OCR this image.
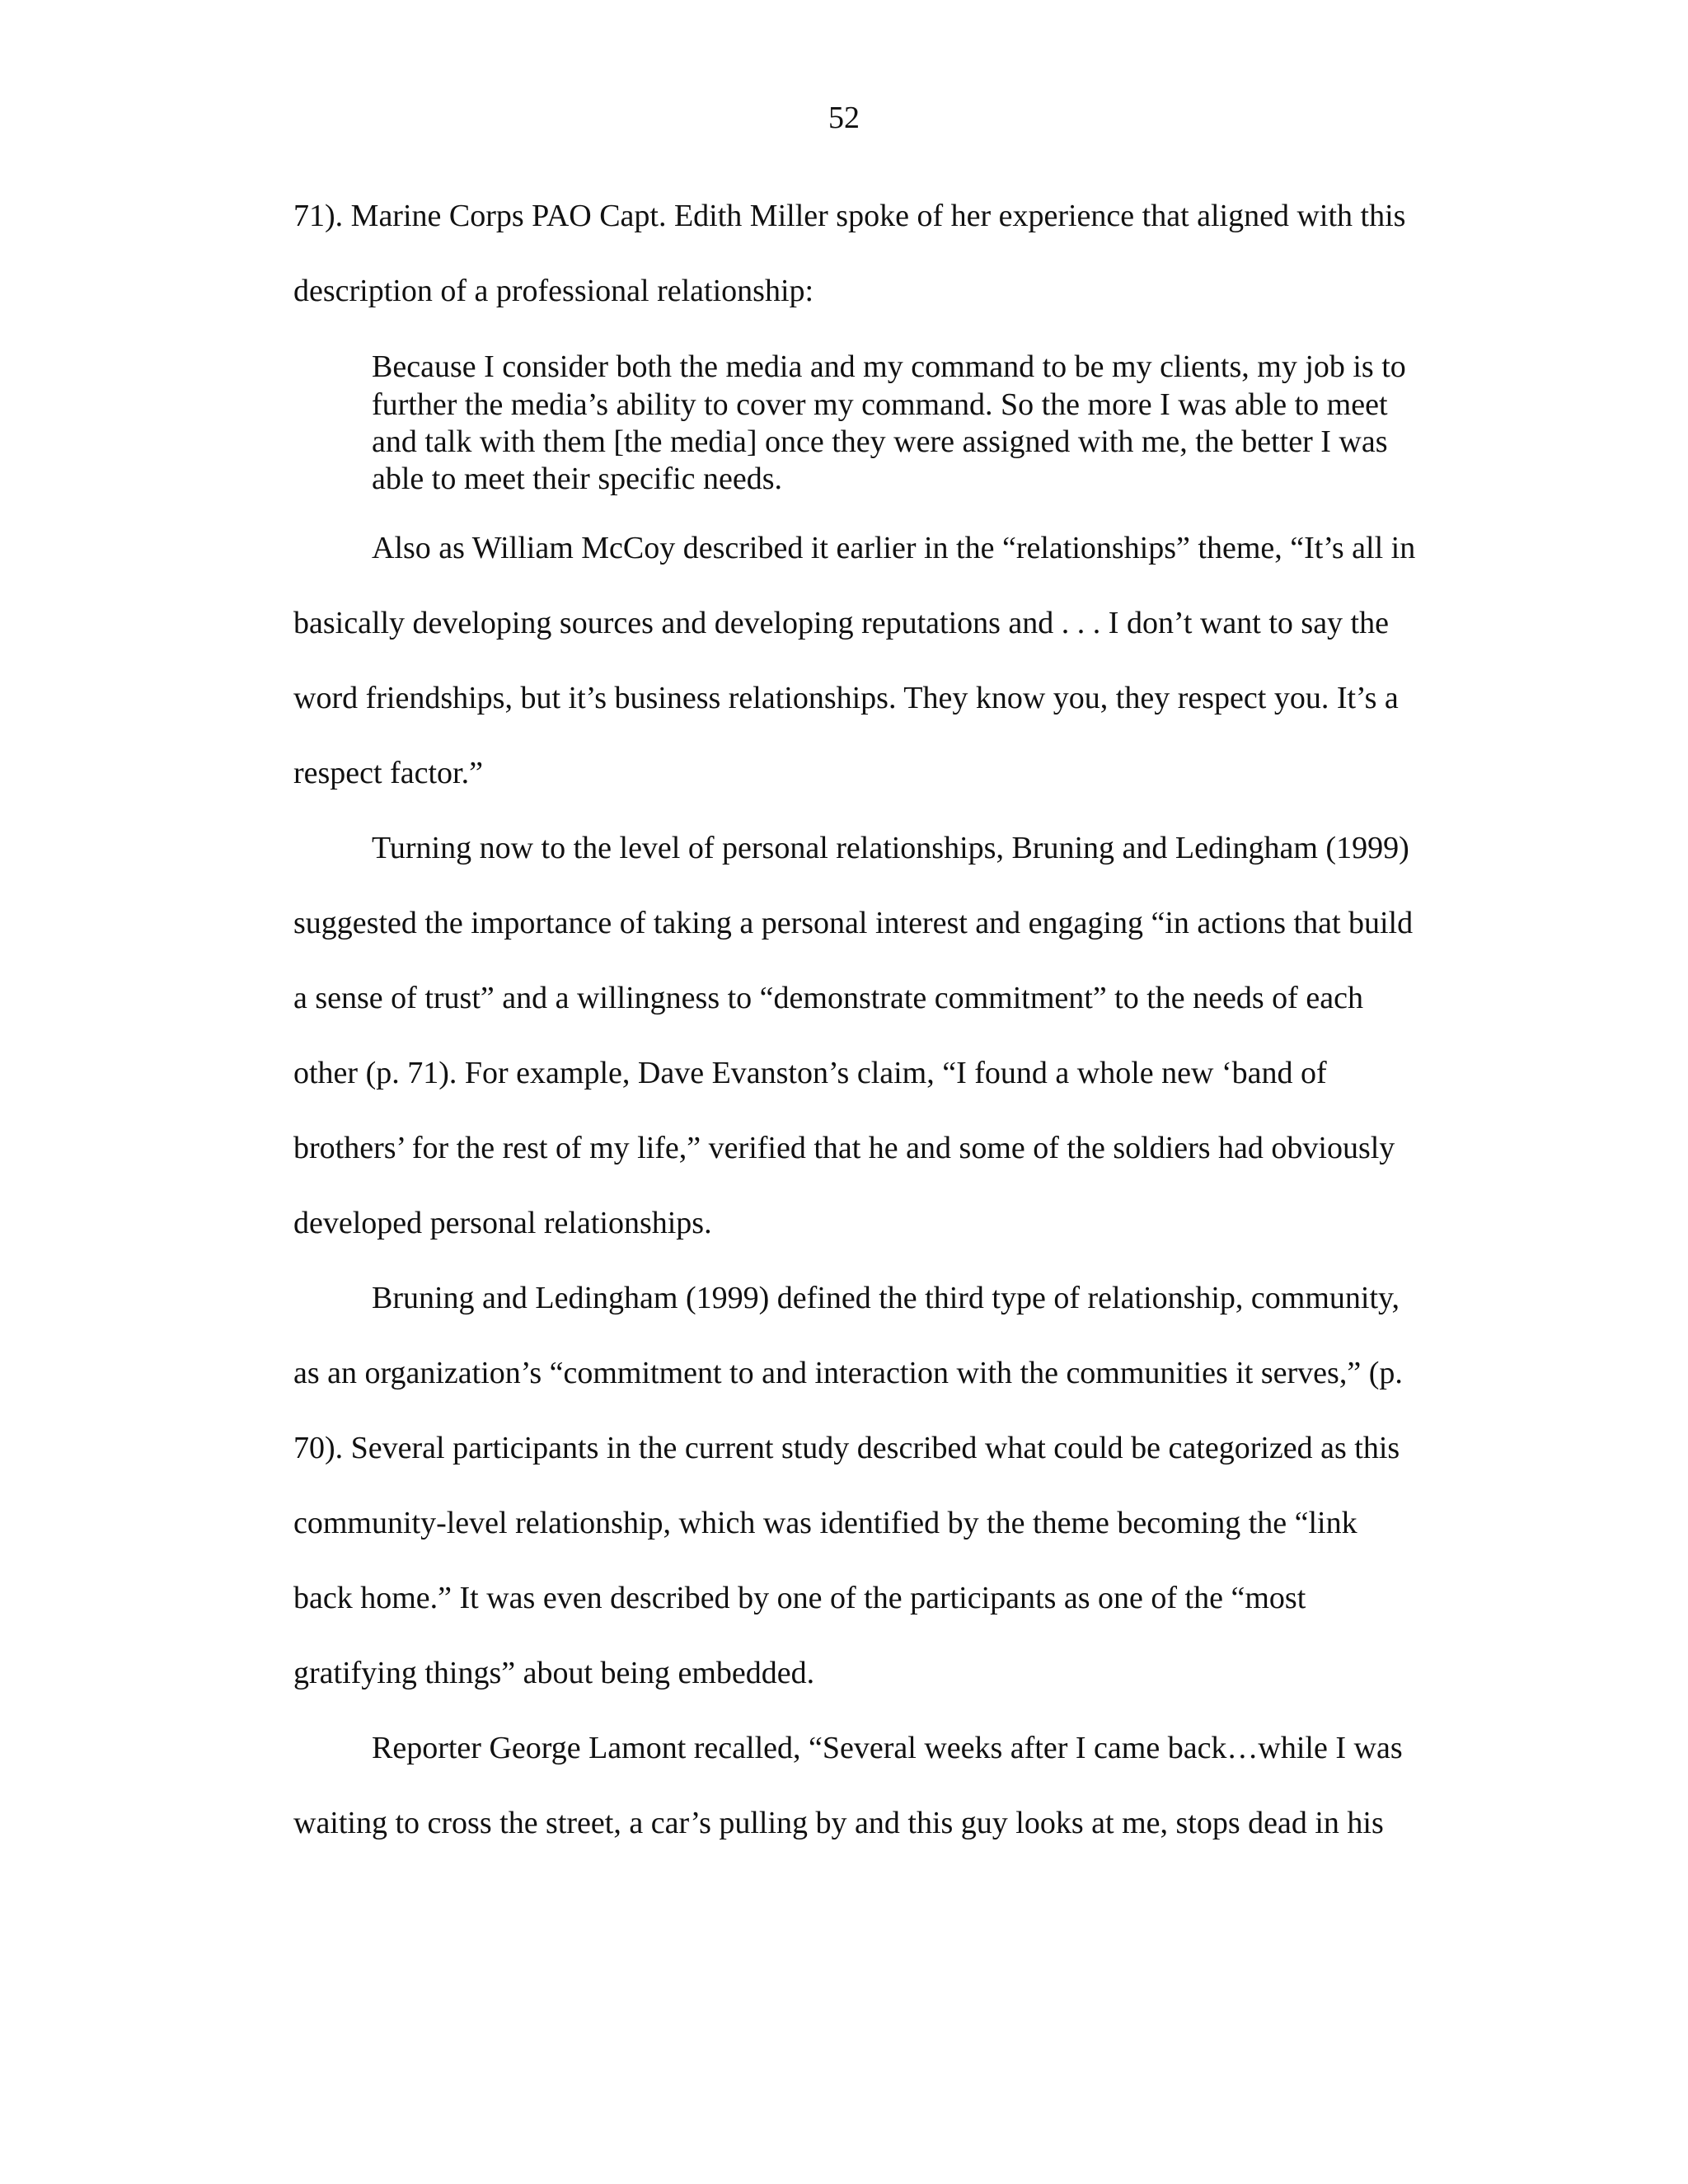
52
71). Marine Corps PAO Capt. Edith Miller spoke of her experience that aligned with this
description of a professional relationship:
Because I consider both the media and my command to be my clients, my job is to
further the media’s ability to cover my command. So the more I was able to meet
and talk with them [the media] once they were assigned with me, the better I was
able to meet their specific needs.
Also as William McCoy described it earlier in the “relationships” theme, “It’s all in
basically developing sources and developing reputations and . . . I don’t want to say the
word friendships, but it’s business relationships. They know you, they respect you. It’s a
respect factor.”
Turning now to the level of personal relationships, Bruning and Ledingham (1999)
suggested the importance of taking a personal interest and engaging “in actions that build
a sense of trust” and a willingness to “demonstrate commitment” to the needs of each
other (p. 71). For example, Dave Evanston’s claim, “I found a whole new ‘band of
brothers’ for the rest of my life,” verified that he and some of the soldiers had obviously
developed personal relationships.
Bruning and Ledingham (1999) defined the third type of relationship, community,
as an organization’s “commitment to and interaction with the communities it serves,” (p.
70). Several participants in the current study described what could be categorized as this
community-level relationship, which was identified by the theme becoming the “link
back home.” It was even described by one of the participants as one of the “most
gratifying things” about being embedded.
Reporter George Lamont recalled, “Several weeks after I came back…while I was
waiting to cross the street, a car’s pulling by and this guy looks at me, stops dead in his
